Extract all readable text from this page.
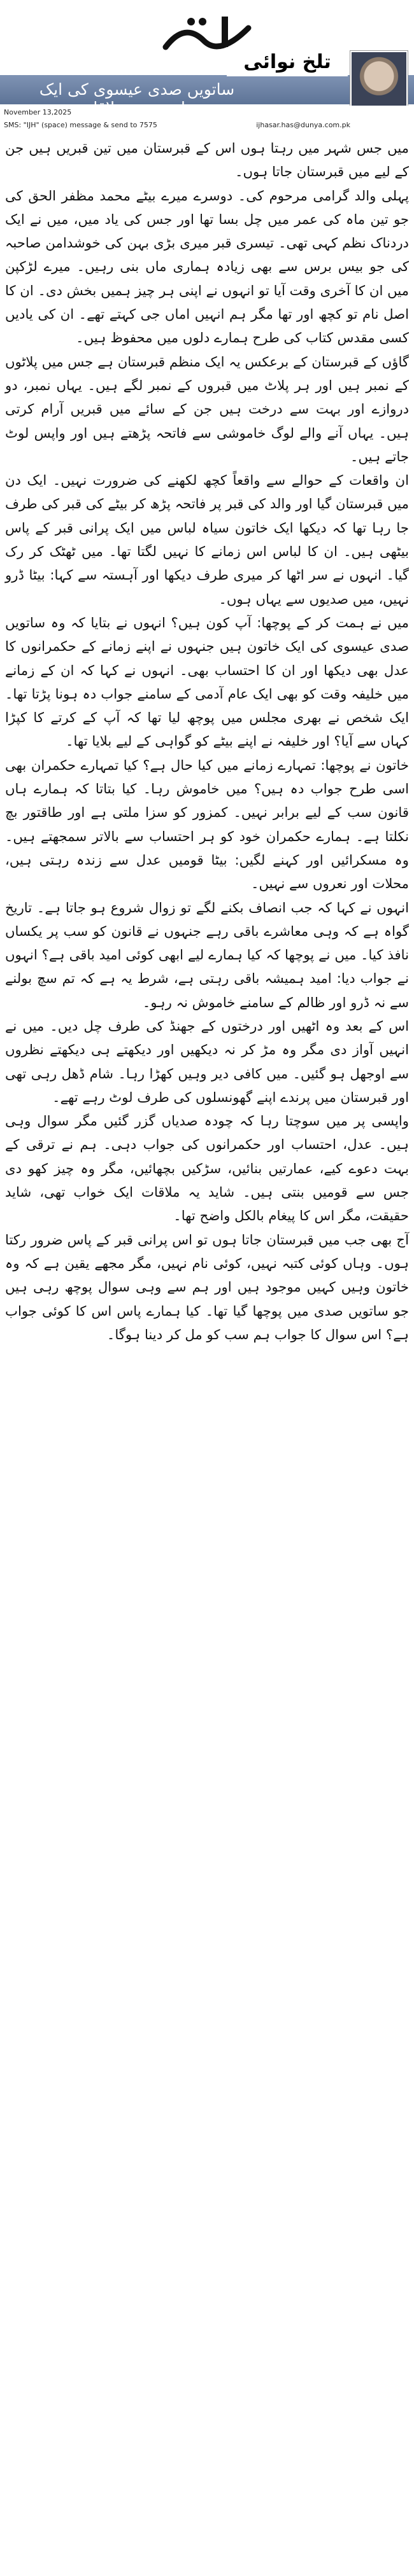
ساتویں صدی عیسوی کی ایک
تلخ نوائی
November 13,2025
SMS: "IJH" (space) message & send to 7575	ijhasar.has@dunya.com.pk

میں جس شہر میں رہتا ہوں اس کے قبرستان میں تین قبریں ہیں جن کے لیے میں قبرستان جاتا ہوں۔

پہلی والد گرامی مرحوم کی۔ دوسرے میرے بیٹے محمد مظفر الحق کی جو تین ماہ کی عمر میں چل بسا تھا اور جس کی یاد میں، میں نے ایک دردناک نظم کہی تھی۔ تیسری قبر میری بڑی بہن کی خوشدامن صاحبہ کی جو بیس برس سے بھی زیادہ ہماری ماں بنی رہیں۔ میرے لڑکپن میں ان کا آخری وقت آیا تو انہوں نے اپنی ہر چیز ہمیں بخش دی۔ ان کا اصل نام تو کچھ اور تھا مگر ہم انہیں اماں جی کہتے تھے۔ ان کی یادیں کسی مقدس کتاب کی طرح ہمارے دلوں میں محفوظ ہیں۔

گاؤں کے قبرستان کے برعکس یہ ایک منظم قبرستان ہے جس میں پلاٹوں کے نمبر ہیں اور ہر پلاٹ میں قبروں کے نمبر لگے ہیں۔ یہاں نمبر، دو دروازے اور بہت سے درخت ہیں جن کے سائے میں قبریں آرام کرتی ہیں۔ یہاں آنے والے لوگ خاموشی سے فاتحہ پڑھتے ہیں اور واپس لوٹ جاتے ہیں۔

ان واقعات کے حوالے سے واقعاً کچھ لکھنے کی ضرورت نہیں۔ ایک دن میں قبرستان گیا اور والد کی قبر پر فاتحہ پڑھ کر بیٹے کی قبر کی طرف جا رہا تھا کہ دیکھا ایک خاتون سیاہ لباس میں ایک پرانی قبر کے پاس بیٹھی ہیں۔ ان کا لباس اس زمانے کا نہیں لگتا تھا۔ میں ٹھٹک کر رک گیا۔ انہوں نے سر اٹھا کر میری طرف دیکھا اور آہستہ سے کہا: بیٹا ڈرو نہیں، میں صدیوں سے یہاں ہوں۔

میں نے ہمت کر کے پوچھا: آپ کون ہیں؟ انہوں نے بتایا کہ وہ ساتویں صدی عیسوی کی ایک خاتون ہیں جنہوں نے اپنے زمانے کے حکمرانوں کا عدل بھی دیکھا اور ان کا احتساب بھی۔ انہوں نے کہا کہ ان کے زمانے میں خلیفہ وقت کو بھی ایک عام آدمی کے سامنے جواب دہ ہونا پڑتا تھا۔ ایک شخص نے بھری مجلس میں پوچھ لیا تھا کہ آپ کے کرتے کا کپڑا کہاں سے آیا؟ اور خلیفہ نے اپنے بیٹے کو گواہی کے لیے بلایا تھا۔

خاتون نے پوچھا: تمہارے زمانے میں کیا حال ہے؟ کیا تمہارے حکمران بھی اسی طرح جواب دہ ہیں؟ میں خاموش رہا۔ کیا بتاتا کہ ہمارے ہاں قانون سب کے لیے برابر نہیں۔ کمزور کو سزا ملتی ہے اور طاقتور بچ نکلتا ہے۔ ہمارے حکمران خود کو ہر احتساب سے بالاتر سمجھتے ہیں۔ وہ مسکرائیں اور کہنے لگیں: بیٹا قومیں عدل سے زندہ رہتی ہیں، محلات اور نعروں سے نہیں۔

انہوں نے کہا کہ جب انصاف بکنے لگے تو زوال شروع ہو جاتا ہے۔ تاریخ گواہ ہے کہ وہی معاشرے باقی رہے جنہوں نے قانون کو سب پر یکساں نافذ کیا۔ میں نے پوچھا کہ کیا ہمارے لیے ابھی کوئی امید باقی ہے؟ انہوں نے جواب دیا: امید ہمیشہ باقی رہتی ہے، شرط یہ ہے کہ تم سچ بولنے سے نہ ڈرو اور ظالم کے سامنے خاموش نہ رہو۔

اس کے بعد وہ اٹھیں اور درختوں کے جھنڈ کی طرف چل دیں۔ میں نے انہیں آواز دی مگر وہ مڑ کر نہ دیکھیں اور دیکھتے ہی دیکھتے نظروں سے اوجھل ہو گئیں۔ میں کافی دیر وہیں کھڑا رہا۔ شام ڈھل رہی تھی اور قبرستان میں پرندے اپنے گھونسلوں کی طرف لوٹ رہے تھے۔

واپسی پر میں سوچتا رہا کہ چودہ صدیاں گزر گئیں مگر سوال وہی ہیں۔ عدل، احتساب اور حکمرانوں کی جواب دہی۔ ہم نے ترقی کے بہت دعوے کیے، عمارتیں بنائیں، سڑکیں بچھائیں، مگر وہ چیز کھو دی جس سے قومیں بنتی ہیں۔ شاید یہ ملاقات ایک خواب تھی، شاید حقیقت، مگر اس کا پیغام بالکل واضح تھا۔

آج بھی جب میں قبرستان جاتا ہوں تو اس پرانی قبر کے پاس ضرور رکتا ہوں۔ وہاں کوئی کتبہ نہیں، کوئی نام نہیں، مگر مجھے یقین ہے کہ وہ خاتون وہیں کہیں موجود ہیں اور ہم سے وہی سوال پوچھ رہی ہیں جو ساتویں صدی میں پوچھا گیا تھا۔ کیا ہمارے پاس اس کا کوئی جواب ہے؟ اس سوال کا جواب ہم سب کو مل کر دینا ہوگا۔
